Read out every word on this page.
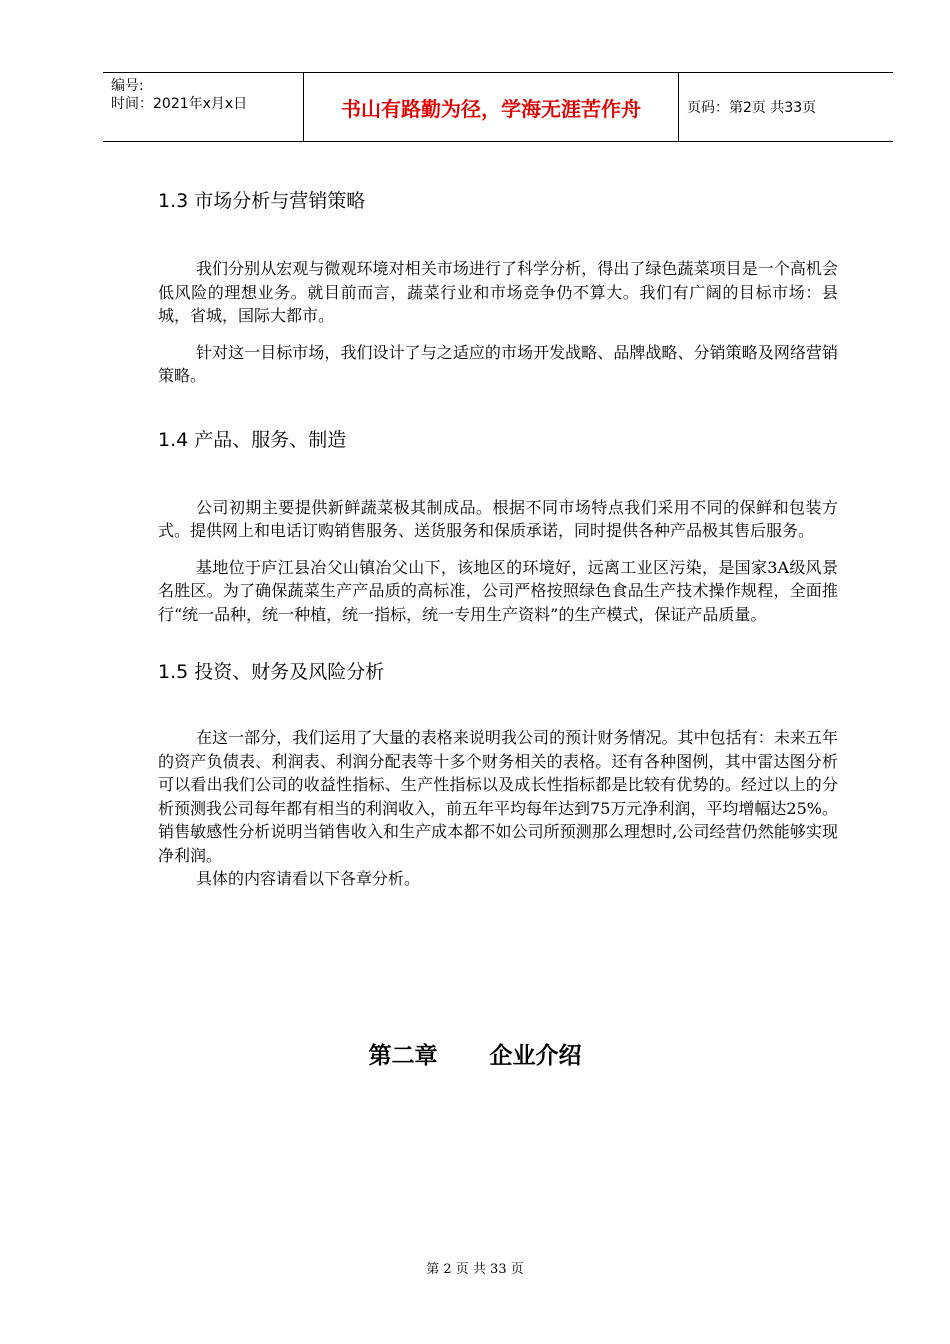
编号:
时间：2021年x月x日	书山有路勤为径，学海无涯苦作舟	页码：第2页 共33页
1.3 市场分析与营销策略

我们分别从宏观与微观环境对相关市场进行了科学分析，得出了绿色蔬菜项目是一个高机会低风险的理想业务。就目前而言，蔬菜行业和市场竞争仍不算大。我们有广阔的目标市场：县城，省城，国际大都市。

针对这一目标市场，我们设计了与之适应的市场开发战略、品牌战略、分销策略及网络营销策略。

1.4 产品、服务、制造

公司初期主要提供新鲜蔬菜极其制成品。根据不同市场特点我们采用不同的保鲜和包装方式。提供网上和电话订购销售服务、送货服务和保质承诺，同时提供各种产品极其售后服务。

基地位于庐江县冶父山镇冶父山下，该地区的环境好，远离工业区污染，是国家3A级风景名胜区。为了确保蔬菜生产产品质的高标准，公司严格按照绿色食品生产技术操作规程，全面推行“统一品种，统一种植，统一指标，统一专用生产资料”的生产模式，保证产品质量。

1.5 投资、财务及风险分析

在这一部分，我们运用了大量的表格来说明我公司的预计财务情况。其中包括有：未来五年的资产负债表、利润表、利润分配表等十多个财务相关的表格。还有各种图例，其中雷达图分析可以看出我们公司的收益性指标、生产性指标以及成长性指标都是比较有优势的。经过以上的分析预测我公司每年都有相当的利润收入，前五年平均每年达到75万元净利润，平均增幅达25%。销售敏感性分析说明当销售收入和生产成本都不如公司所预测那么理想时,公司经营仍然能够实现净利润。

具体的内容请看以下各章分析。

第二章 企业介绍
第 2 页 共 33 页
